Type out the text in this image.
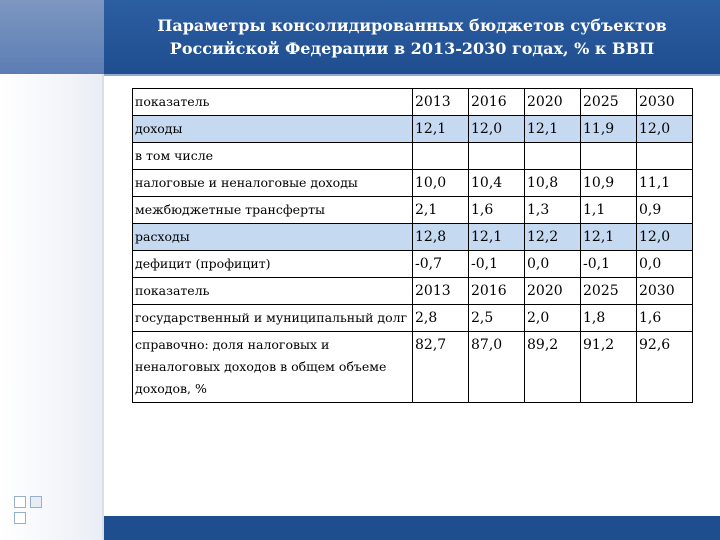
Параметры консолидированных бюджетов субъектов Российской Федерации в 2013-2030 годах, % к ВВП
показатель	2013	2016	2020	2025	2030
доходы	12,1	12,0	12,1	11,9	12,0
в том числе					
налоговые и неналоговые доходы	10,0	10,4	10,8	10,9	11,1
межбюджетные трансферты	2,1	1,6	1,3	1,1	0,9
расходы	12,8	12,1	12,2	12,1	12,0
дефицит (профицит)	-0,7	-0,1	0,0	-0,1	0,0
показатель	2013	2016	2020	2025	2030
государственный и муниципальный долг	2,8	2,5	2,0	1,8	1,6
справочно: доля налоговых и неналоговых доходов в общем объеме доходов, %	82,7	87,0	89,2	91,2	92,6
